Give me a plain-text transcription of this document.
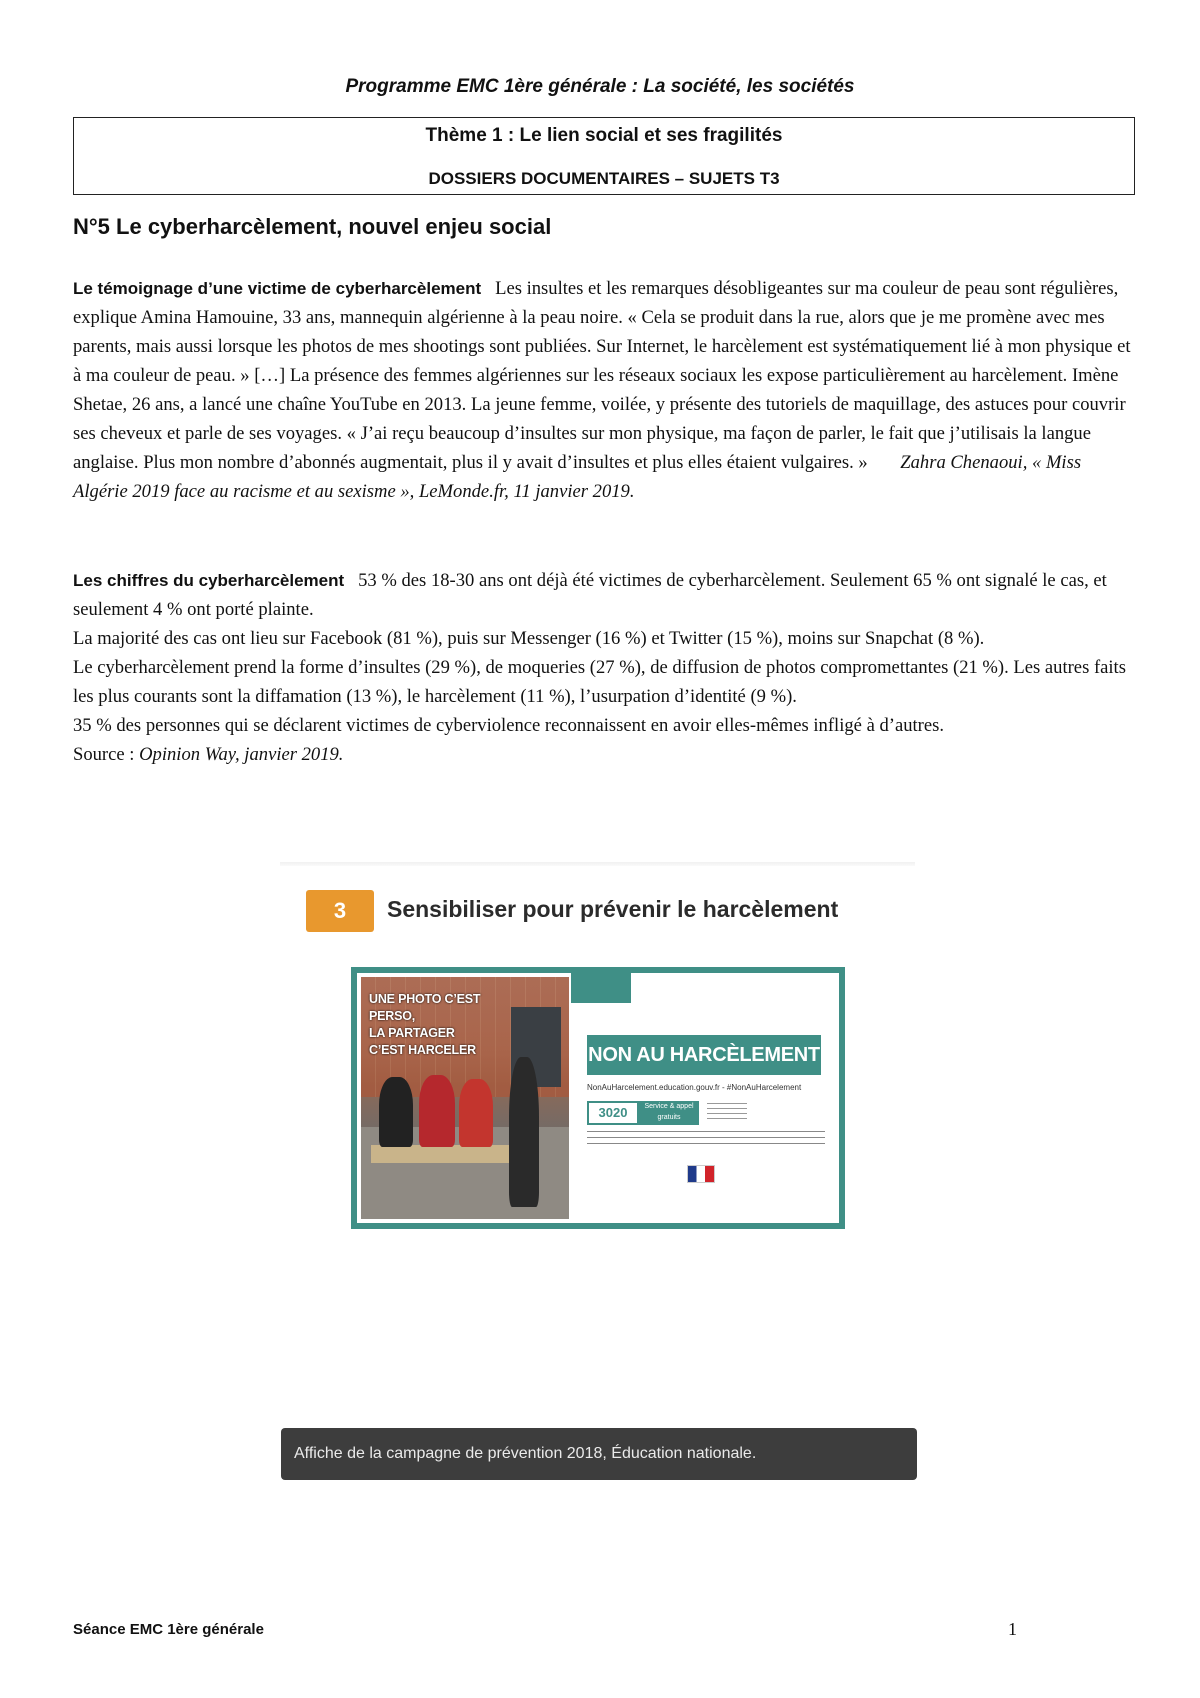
Programme EMC 1ère générale : La société, les sociétés
Thème 1 : Le lien social et ses fragilités
DOSSIERS DOCUMENTAIRES – SUJETS T3
N°5 Le cyberharcèlement, nouvel enjeu social
Le témoignage d’une victime de cyberharcèlement Les insultes et les remarques désobligeantes sur ma couleur de peau sont régulières, explique Amina Hamouine, 33 ans, mannequin algérienne à la peau noire. « Cela se produit dans la rue, alors que je me promène avec mes parents, mais aussi lorsque les photos de mes shootings sont publiées. Sur Internet, le harcèlement est systématiquement lié à mon physique et à ma couleur de peau. » […] La présence des femmes algériennes sur les réseaux sociaux les expose particulièrement au harcèlement. Imène Shetae, 26 ans, a lancé une chaîne YouTube en 2013. La jeune femme, voilée, y présente des tutoriels de maquillage, des astuces pour couvrir ses cheveux et parle de ses voyages. « J’ai reçu beaucoup d’insultes sur mon physique, ma façon de parler, le fait que j’utilisais la langue anglaise. Plus mon nombre d’abonnés augmentait, plus il y avait d’insultes et plus elles étaient vulgaires. » Zahra Chenaoui, « Miss Algérie 2019 face au racisme et au sexisme », LeMonde.fr, 11 janvier 2019.
Les chiffres du cyberharcèlement 53 % des 18-30 ans ont déjà été victimes de cyberharcèlement. Seulement 65 % ont signalé le cas, et seulement 4 % ont porté plainte.
La majorité des cas ont lieu sur Facebook (81 %), puis sur Messenger (16 %) et Twitter (15 %), moins sur Snapchat (8 %).
Le cyberharcèlement prend la forme d’insultes (29 %), de moqueries (27 %), de diffusion de photos compromettantes (21 %). Les autres faits les plus courants sont la diffamation (13 %), le harcèlement (11 %), l’usurpation d’identité (9 %).
35 % des personnes qui se déclarent victimes de cyberviolence reconnaissent en avoir elles-mêmes infligé à d’autres.
Source : Opinion Way, janvier 2019.
3	Sensibiliser pour prévenir le harcèlement
UNE PHOTO C’EST PERSO,
LA PARTAGER
C’EST HARCELER	NON AU HARCÈLEMENT
NonAuHarcelement.education.gouv.fr - #NonAuHarcelement
3020	Service & appel gratuits
Affiche de la campagne de prévention 2018, Éducation nationale.
Séance EMC 1ère générale	1
